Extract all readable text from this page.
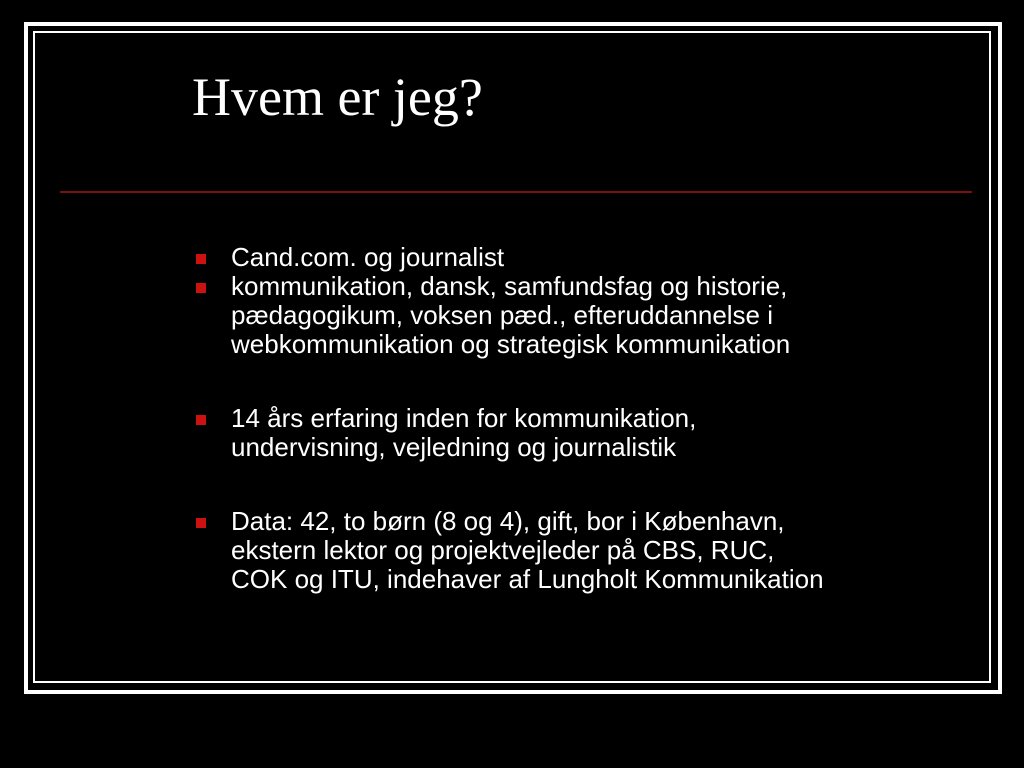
Hvem er jeg?
Cand.com. og journalist
kommunikation, dansk, samfundsfag og historie,
pædagogikum, voksen pæd., efteruddannelse i
webkommunikation og strategisk kommunikation
14 års erfaring inden for kommunikation,
undervisning, vejledning og journalistik
Data: 42, to børn (8 og 4), gift, bor i København,
ekstern lektor og projektvejleder på CBS, RUC,
COK og ITU, indehaver af Lungholt Kommunikation
